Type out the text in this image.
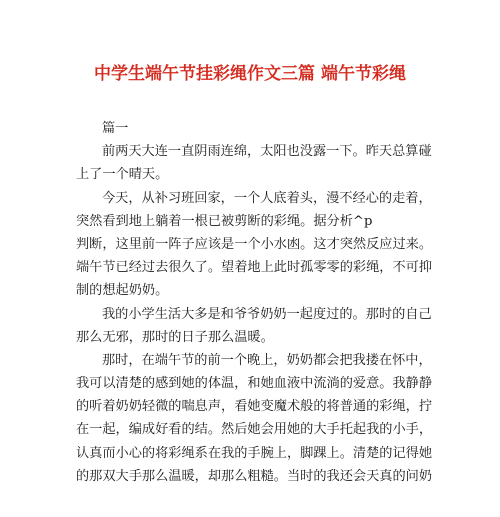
中学生端午节挂彩绳作文三篇 端午节彩绳
篇一
前两天大连一直阴雨连绵，太阳也没露一下。昨天总算碰
上了一个晴天。
今天，从补习班回家，一个人底着头，漫不经心的走着，
突然看到地上躺着一根已被剪断的彩绳。据分析^p
判断，这里前一阵子应该是一个小水凼。这才突然反应过来。
端午节已经过去很久了。望着地上此时孤零零的彩绳，不可抑
制的想起奶奶。
我的小学生活大多是和爷爷奶奶一起度过的。那时的自己
那么无邪，那时的日子那么温暖。
那时，在端午节的前一个晚上，奶奶都会把我搂在怀中，
我可以清楚的感到她的体温，和她血液中流淌的爱意。我静静
的听着奶奶轻微的喘息声，看她变魔术般的将普通的彩绳，拧
在一起，编成好看的结。然后她会用她的大手托起我的小手，
认真而小心的将彩绳系在我的手腕上，脚踝上。清楚的记得她
的那双大手那么温暖，却那么粗糙。当时的我还会天真的问奶
